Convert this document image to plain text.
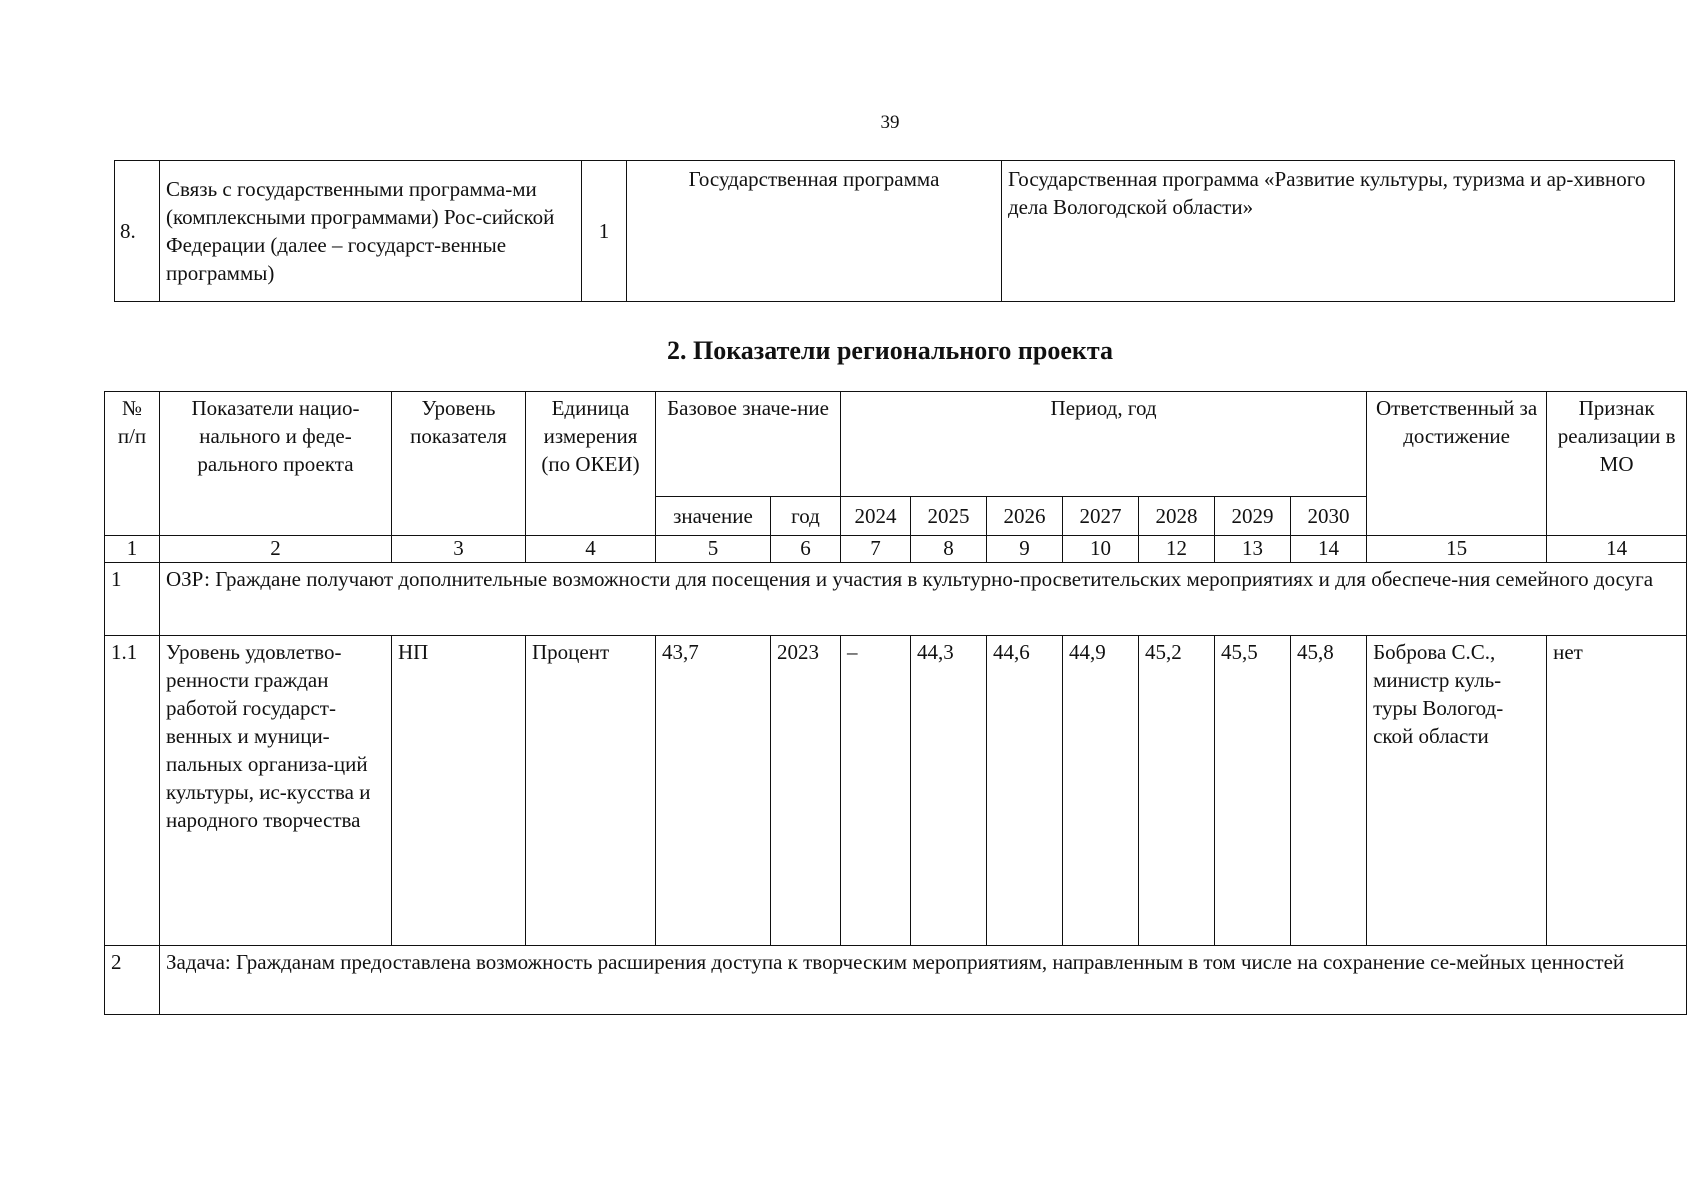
39
8.	Связь с государственными программа-ми (комплексными программами) Рос-сийской Федерации (далее – государст-венные программы)	1	Государственная программа	Государственная программа «Развитие культуры, туризма и ар-хивного дела Вологодской области»
2. Показатели регионального проекта
№ п/п	Показатели нацио-нального и феде-рального проекта	Уровень показателя	Единица измерения (по ОКЕИ)	Базовое значе-ние		Период, год							Ответственный за достижение	Признак реализации в МО
				значение	год	2024	2025	2026	2027	2028	2029	2030		
1	2	3	4	5	6	7	8	9	10	12	13	14	15	14
1	ОЗР: Граждане получают дополнительные возможности для посещения и участия в культурно-просветительских мероприятиях и для обеспече-ния семейного досуга													
1.1	Уровень удовлетво-ренности граждан работой государст-венных и муници-пальных организа-ций культуры, ис-кусства и народного творчества	НП	Процент	43,7	2023	–	44,3	44,6	44,9	45,2	45,5	45,8	Боброва С.С., министр куль-туры Вологод-ской области	нет
2	Задача: Гражданам предоставлена возможность расширения доступа к творческим мероприятиям, направленным в том числе на сохранение се-мейных ценностей													
